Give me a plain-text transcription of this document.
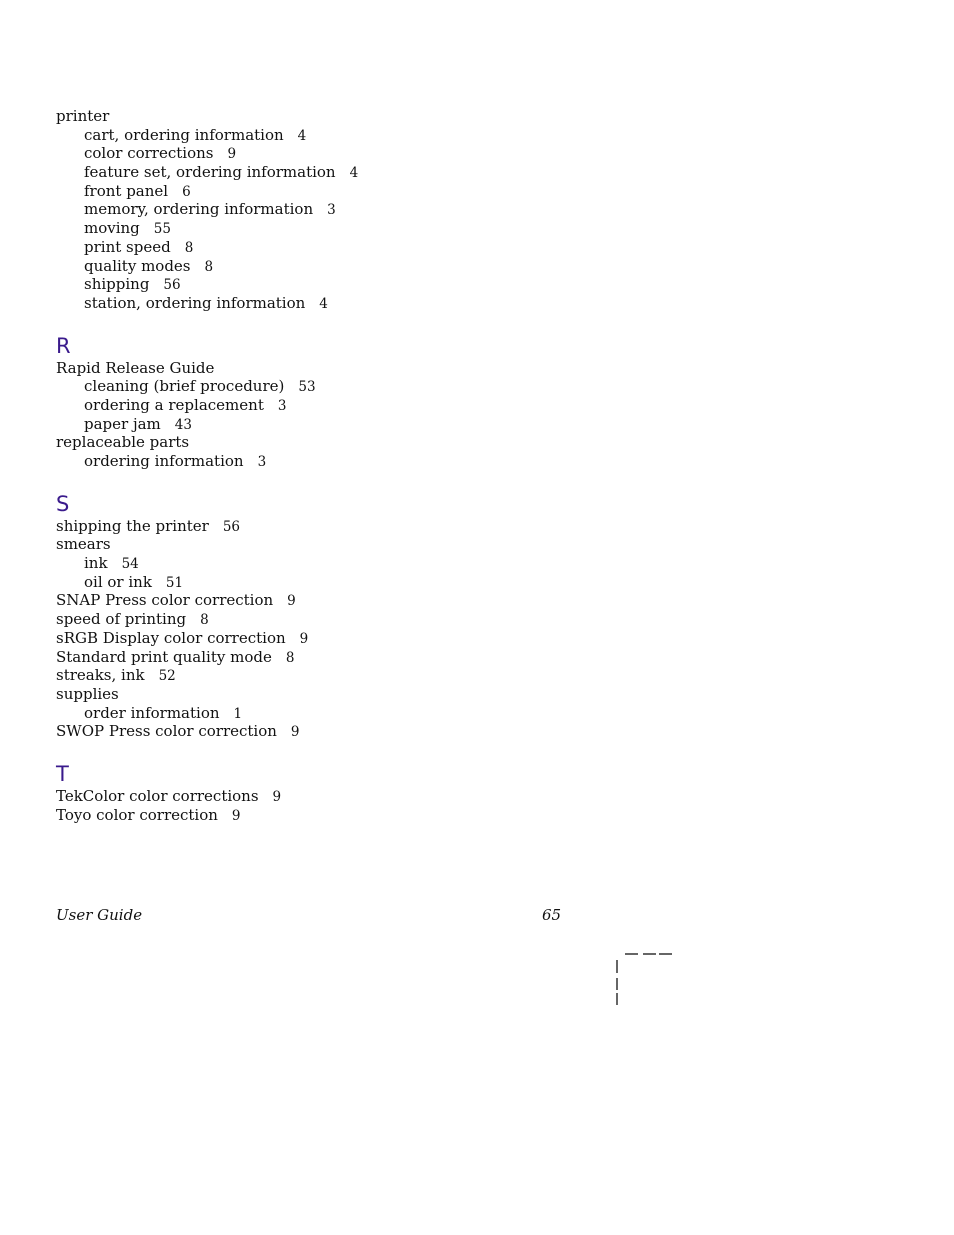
printer
cart, ordering information 4
color corrections 9
feature set, ordering information 4
front panel 6
memory, ordering information 3
moving 55
print speed 8
quality modes 8
shipping 56
station, ordering information 4
R
Rapid Release Guide
cleaning (brief procedure) 53
ordering a replacement 3
paper jam 43
replaceable parts
ordering information 3
S
shipping the printer 56
smears
ink 54
oil or ink 51
SNAP Press color correction 9
speed of printing 8
sRGB Display color correction 9
Standard print quality mode 8
streaks, ink 52
supplies
order information 1
SWOP Press color correction 9
T
TekColor color corrections 9
Toyo color correction 9

User Guide	65
